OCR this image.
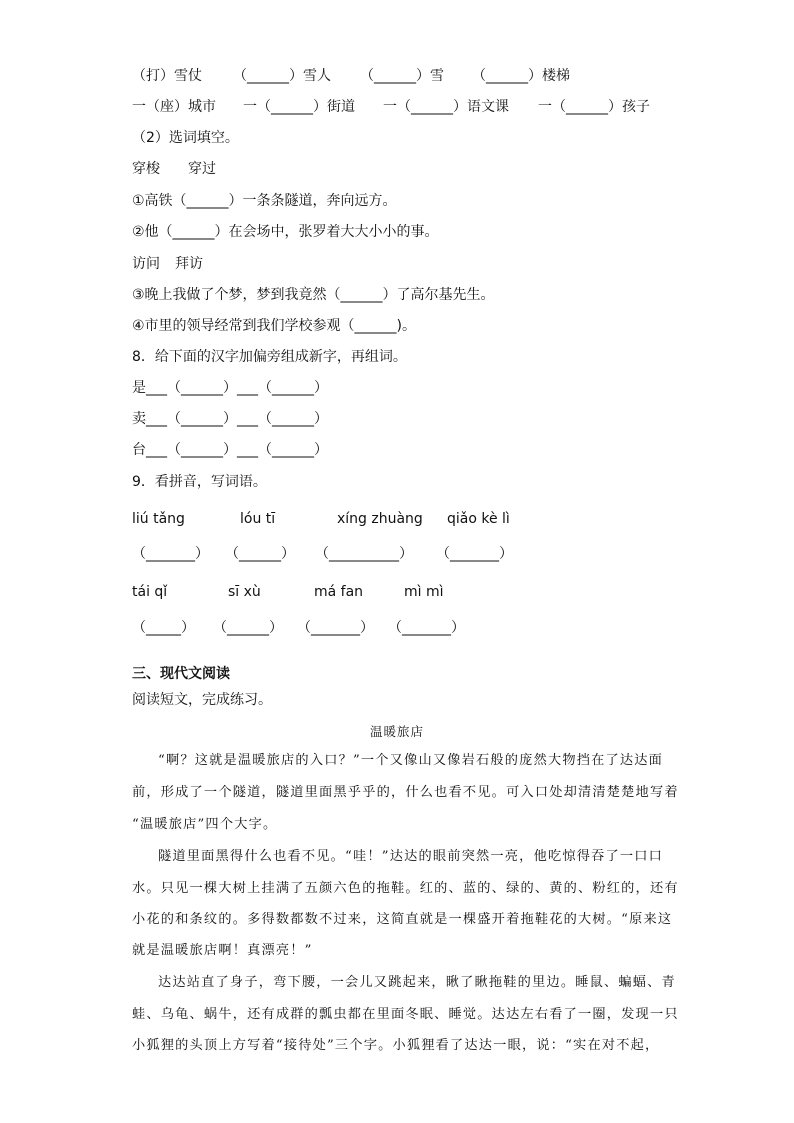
（打）雪仗 （______）雪人 （______）雪 （______）楼梯
一（座）城市 一（______）街道 一（______）语文课 一（______）孩子
（2）选词填空。
穿梭 穿过
①高铁（______）一条条隧道，奔向远方。
②他（______）在会场中，张罗着大大小小的事。
访问 拜访
③晚上我做了个梦，梦到我竟然（______）了高尔基先生。
④市里的领导经常到我们学校参观（______)。
8．给下面的汉字加偏旁组成新字，再组词。
是___（______）___（______）
卖___（______）___（______）
台___（______）___（______）
9．看拼音，写词语。
liú tǎng	lóu tī	xíng zhuàng qiǎo kè lì
（_______） （______） （__________） （_______）
tái qǐ	sī xù	má fan	mì mì
（_____） （______） （_______） （_______）
三、现代文阅读
阅读短文，完成练习。
温暖旅店
“啊？这就是温暖旅店的入口？”一个又像山又像岩石般的庞然大物挡在了达达面
前，形成了一个隧道，隧道里面黑乎乎的，什么也看不见。可入口处却清清楚楚地写着
“温暖旅店”四个大字。
隧道里面黑得什么也看不见。“哇！”达达的眼前突然一亮，他吃惊得吞了一口口
水。只见一棵大树上挂满了五颜六色的拖鞋。红的、蓝的、绿的、黄的、粉红的，还有
小花的和条纹的。多得数都数不过来，这简直就是一棵盛开着拖鞋花的大树。“原来这
就是温暖旅店啊！真漂亮！”
达达站直了身子，弯下腰，一会儿又跳起来，瞅了瞅拖鞋的里边。睡鼠、蝙蝠、青
蛙、乌龟、蜗牛，还有成群的瓢虫都在里面冬眠、睡觉。达达左右看了一圈，发现一只
小狐狸的头顶上方写着“接待处”三个字。小狐狸看了达达一眼，说：“实在对不起，
